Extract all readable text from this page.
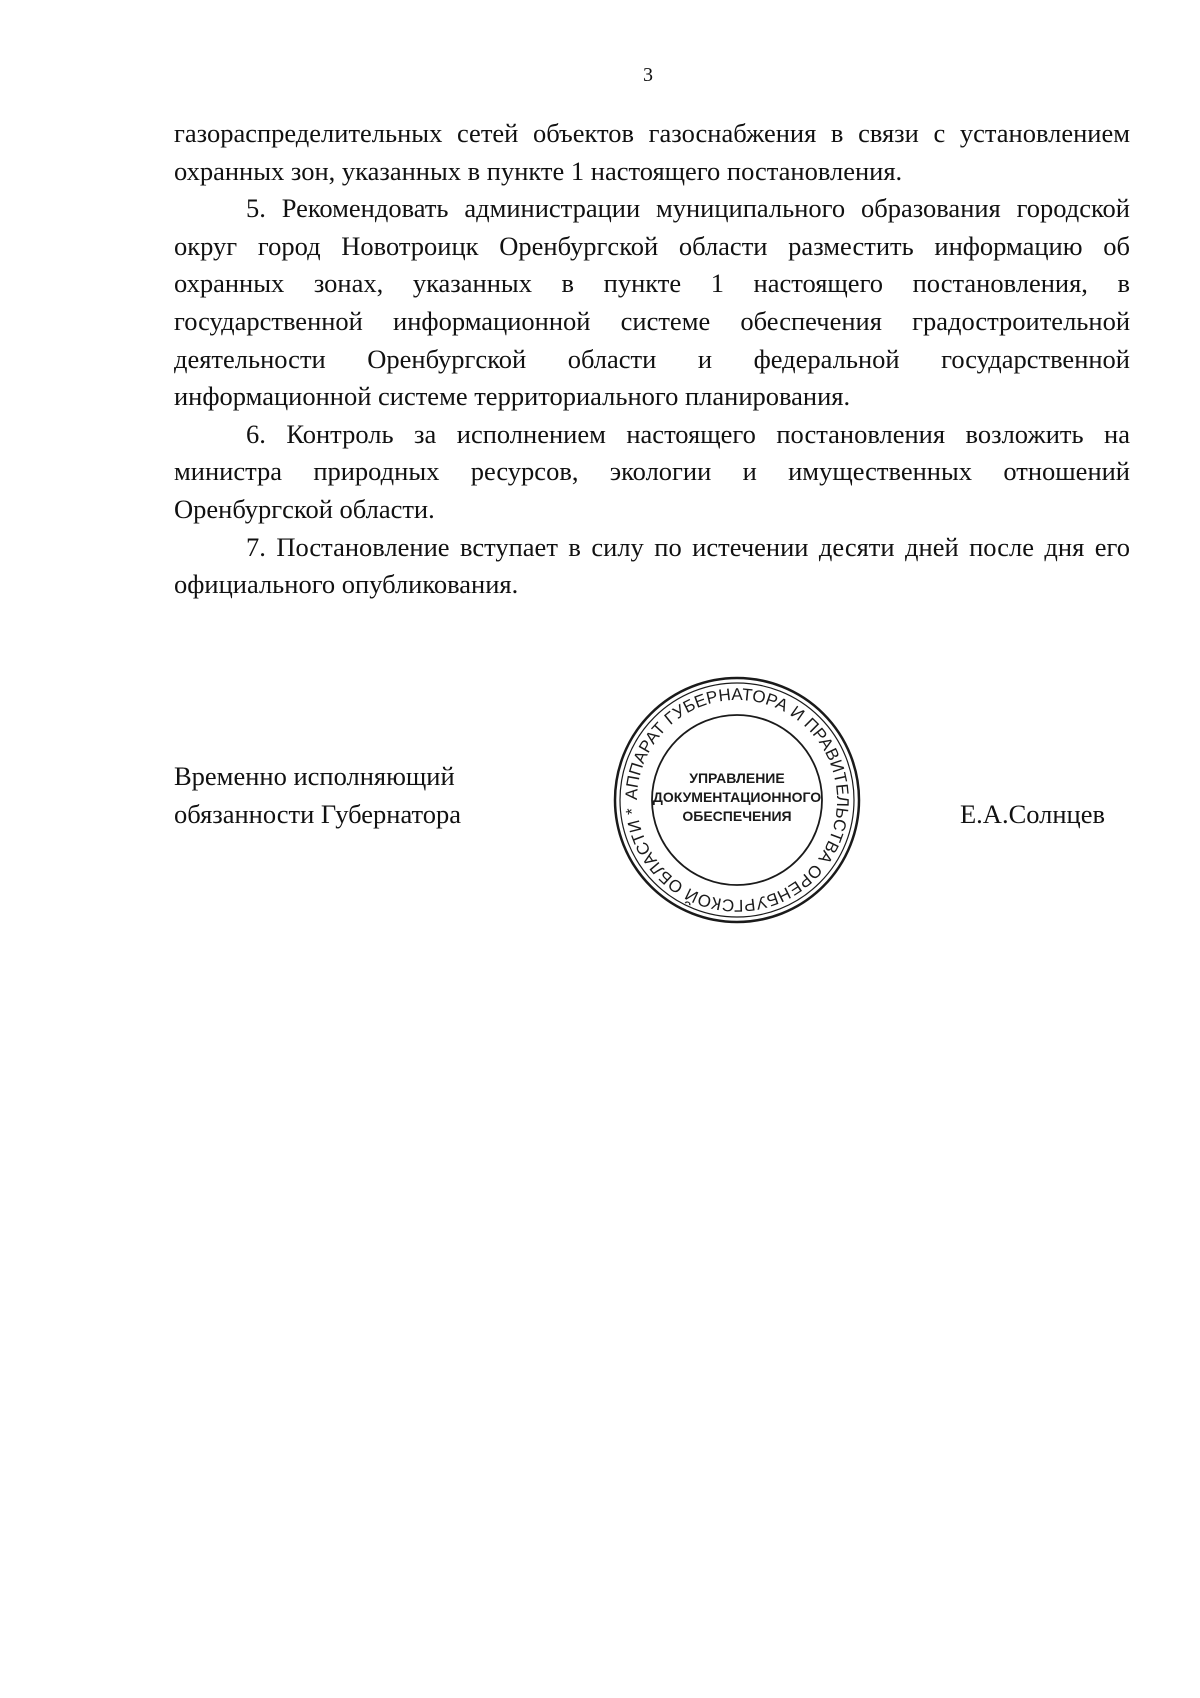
3

газораспределительных сетей объектов газоснабжения в связи с установлением охранных зон, указанных в пункте 1 настоящего постановления.

5. Рекомендовать администрации муниципального образования городской округ город Новотроицк Оренбургской области разместить информацию об охранных зонах, указанных в пункте 1 настоящего постановления, в государственной информационной системе обеспечения градостроительной деятельности Оренбургской области и федеральной государственной информационной системе территориального планирования.

6. Контроль за исполнением настоящего постановления возложить на министра природных ресурсов, экологии и имущественных отношений Оренбургской области.

7. Постановление вступает в силу по истечении десяти дней после дня его официального опубликования.

Временно исполняющий
обязанности Губернатора
АППАРАТ ГУБЕРНАТОРА И ПРАВИТЕЛЬСТВА ОРЕНБУРГСКОЙ ОБЛАСТИ *
УПРАВЛЕНИЕ
ДОКУМЕНТАЦИОННОГО
ОБЕСПЕЧЕНИЯ	Е.А.Солнцев
